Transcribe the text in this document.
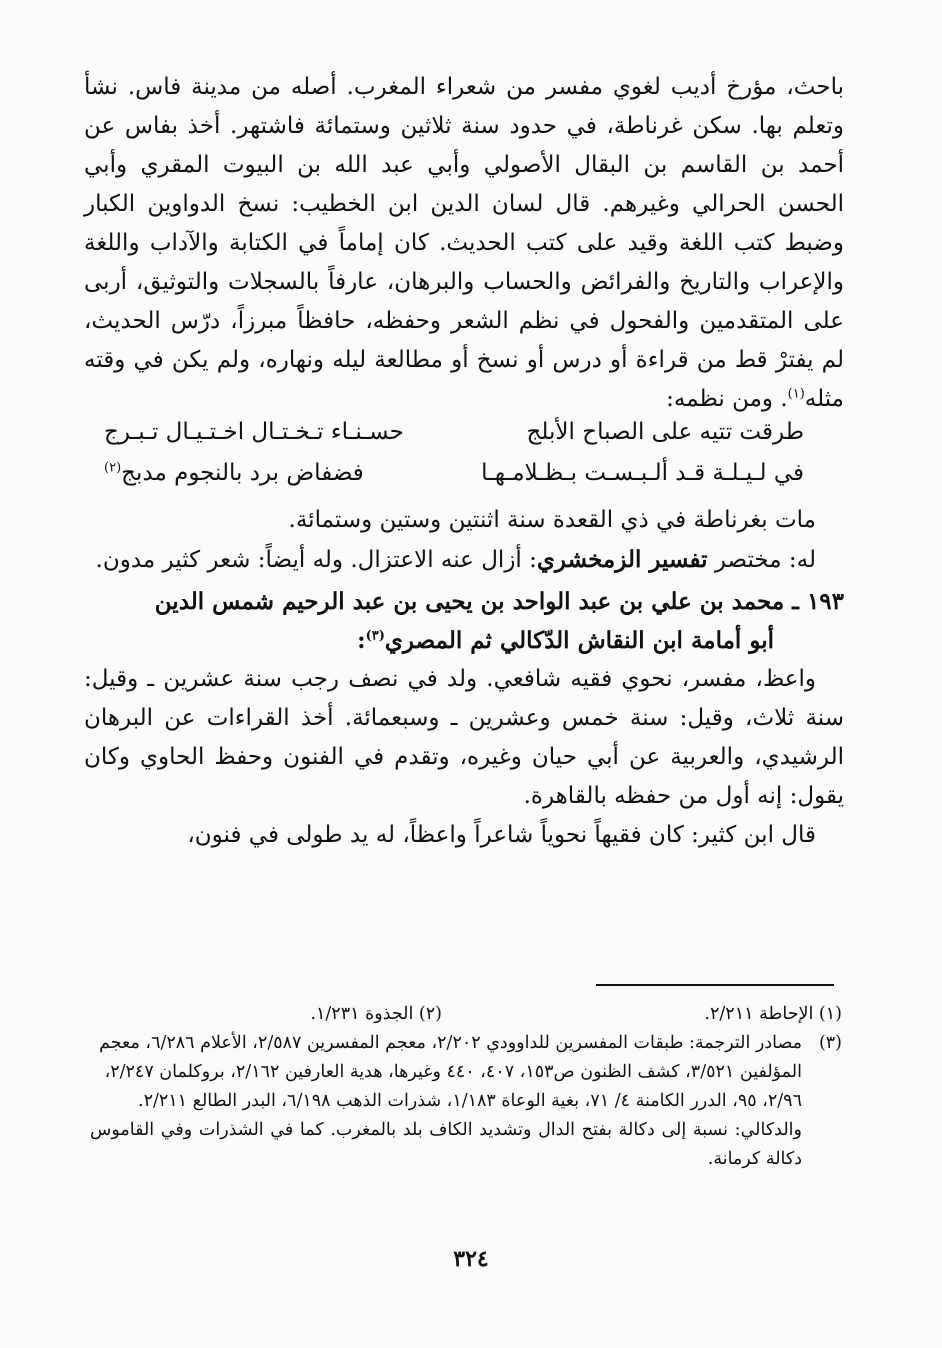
باحث، مؤرخ أديب لغوي مفسر من شعراء المغرب. أصله من مدينة فاس. نشأ وتعلم بها. سكن غرناطة، في حدود سنة ثلاثين وستمائة فاشتهر. أخذ بفاس عن أحمد بن القاسم بن البقال الأصولي وأبي عبد الله بن البيوت المقري وأبي الحسن الحرالي وغيرهم. قال لسان الدين ابن الخطيب: نسخ الدواوين الكبار وضبط كتب اللغة وقيد على كتب الحديث. كان إماماً في الكتابة والآداب واللغة والإعراب والتاريخ والفرائض والحساب والبرهان، عارفاً بالسجلات والتوثيق، أربى على المتقدمين والفحول في نظم الشعر وحفظه، حافظاً مبرزاً، درّس الحديث، لم يفترْ قط من قراءة أو درس أو نسخ أو مطالعة ليله ونهاره، ولم يكن في وقته مثله$^{(١)}$. ومن نظمه:

طرقت تتيه على الصباح الأبلج
حسـنـاء تـخـتـال اخـتـيـال تـبـرج
في لـيـلـة قـد ألـبـسـت بـظـلامـهـا
فضفاض برد بالنجوم مدبج$^{(٢)}$

مات بغرناطة في ذي القعدة سنة اثنتين وستين وستمائة.

له: مختصر تفسير الزمخشري: أزال عنه الاعتزال. وله أيضاً: شعر كثير مدون.

١٩٣ ـ محمد بن علي بن عبد الواحد بن يحيى بن عبد الرحيم شمس الدين
أبو أمامة ابن النقاش الدّكالي ثم المصري$^{(٣)}$:

واعظ، مفسر، نحوي فقيه شافعي. ولد في نصف رجب سنة عشرين ـ وقيل: سنة ثلاث، وقيل: سنة خمس وعشرين ـ وسبعمائة. أخذ القراءات عن البرهان الرشيدي، والعربية عن أبي حيان وغيره، وتقدم في الفنون وحفظ الحاوي وكان يقول: إنه أول من حفظه بالقاهرة.

قال ابن كثير: كان فقيهاً نحوياً شاعراً واعظاً، له يد طولى في فنون،

(١) الإحاطة ٢/٢١١.
(٢) الجذوة ١/٢٣١.
(٣)
مصادر الترجمة: طبقات المفسرين للداوودي ٢/٢٠٢، معجم المفسرين ٢/٥٨٧، الأعلام ٦/٢٨٦، معجم المؤلفين ٣/٥٢١، كشف الظنون ص١٥٣، ٤٠٧، ٤٤٠ وغيرها، هدية العارفين ٢/١٦٢، بروكلمان ٢/٢٤٧، ٢/٩٦، ٩٥، الدرر الكامنة ٤/ ٧١، بغية الوعاة ١/١٨٣، شذرات الذهب ٦/١٩٨، البدر الطالع ٢/٢١١.
والدكالي: نسبة إلى دكالة بفتح الدال وتشديد الكاف بلد بالمغرب. كما في الشذرات وفي القاموس دكالة كرمانة.
٣٢٤
